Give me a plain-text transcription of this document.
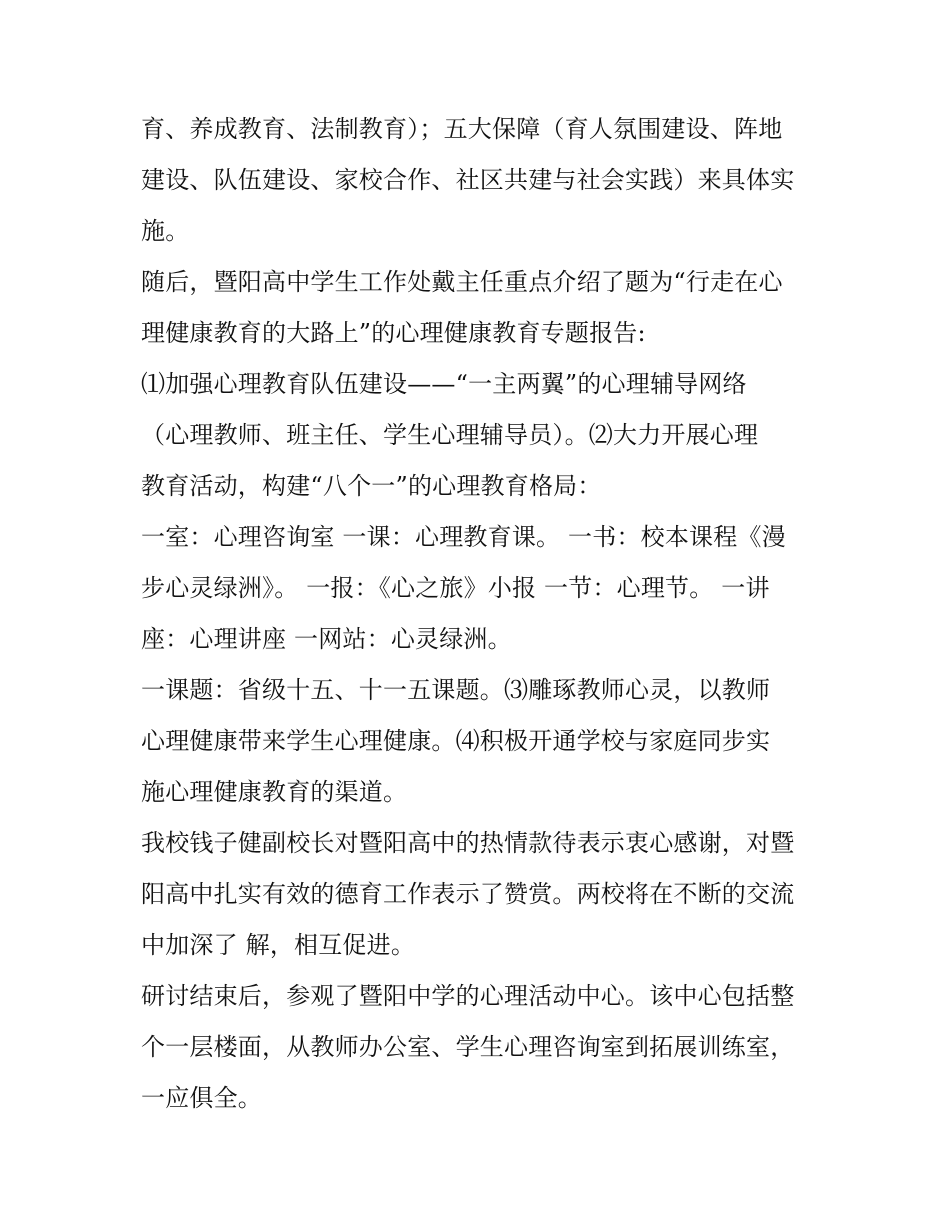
育、养成教育、法制教育）；五大保障（育人氛围建设、阵地
建设、队伍建设、家校合作、社区共建与社会实践）来具体实
施。
随后，暨阳高中学生工作处戴主任重点介绍了题为“行走在心
理健康教育的大路上”的心理健康教育专题报告:
⑴加强心理教育队伍建设——“一主两翼”的心理辅导网络
（心理教师、班主任、学生心理辅导员）。⑵大力开展心理
教育活动，构建“八个一”的心理教育格局：
一室：心理咨询室 一课：心理教育课。 一书：校本课程《漫
步心灵绿洲》。 一报：《心之旅》小报 一节：心理节。 一讲
座：心理讲座 一网站：心灵绿洲。
一课题：省级十五、十一五课题。⑶雕琢教师心灵，以教师
心理健康带来学生心理健康。⑷积极开通学校与家庭同步实
施心理健康教育的渠道。
我校钱子健副校长对暨阳高中的热情款待表示衷心感谢，对暨
阳高中扎实有效的德育工作表示了赞赏。两校将在不断的交流
中加深了 解，相互促进。
研讨结束后，参观了暨阳中学的心理活动中心。该中心包括整
个一层楼面，从教师办公室、学生心理咨询室到拓展训练室，
一应俱全。
